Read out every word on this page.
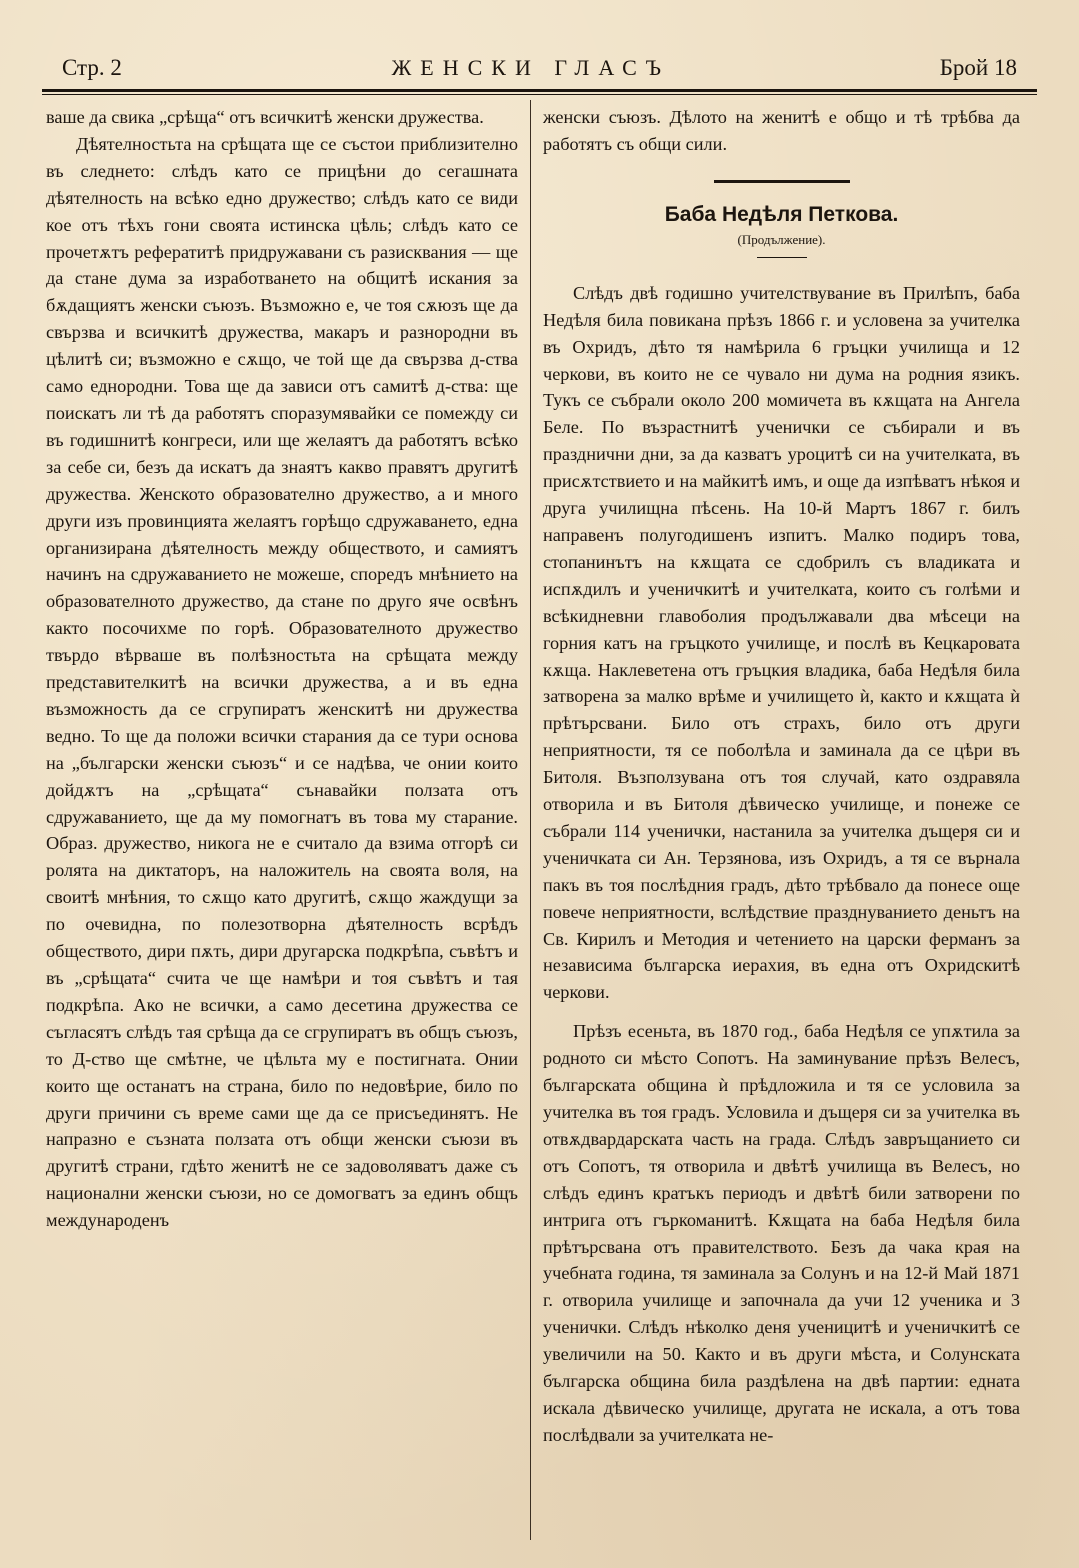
Стр. 2	ЖЕНСКИ ГЛАСЪ	Брой 18

ваше да свика „срѣща“ отъ всичкитѣ женски дружества.

Дѣятелностьта на срѣщата ще се състои приблизително въ следнето: слѣдъ като се прицѣни до сегашната дѣятелность на всѣко едно дружество; слѣдъ като се види кое отъ тѣхъ гони своята истинска цѣль; слѣдъ като се прочетѫтъ рефератитѣ придружавани съ разисквания — ще да стане дума за изработването на общитѣ искания за бѫдащиятъ женски съюзъ. Възможно е, че тоя сѫюзъ ще да свързва и всичкитѣ дружества, макаръ и разнородни въ цѣлитѣ си; възможно е сѫщо, че той ще да свързва д-ства само еднородни. Това ще да зависи отъ самитѣ д-ства: ще поискатъ ли тѣ да работятъ споразумявайки се помежду си въ годишнитѣ конгреси, или ще желаятъ да работятъ всѣко за себе си, безъ да искатъ да знаятъ какво правятъ другитѣ дружества. Женското образователно дружество, а и много други изъ провинцията желаятъ горѣщо сдружаването, една организирана дѣятелность между обществото, и самиятъ начинъ на сдружаванието не можеше, споредъ мнѣнието на образователното дружество, да стане по друго яче освѣнъ както посочихме по горѣ. Образователното дружество твърдо вѣрваше въ полѣзностьта на срѣщата между представителкитѣ на всички дружества, а и въ една възможность да се сгрупиратъ женскитѣ ни дружества ведно. То ще да положи всички старания да се тури основа на „български женски съюзъ“ и се надѣва, че онии които дойдѫтъ на „срѣщата“ сънавайки ползата отъ сдружаванието, ще да му помогнатъ въ това му старание. Образ. дружество, никога не е считало да взима отгорѣ си ролята на диктаторъ, на наложитель на своята воля, на своитѣ мнѣния, то сѫщо като другитѣ, сѫщо жаждущи за по очевидна, по полезотворна дѣятелность всрѣдъ обществото, дири пѫть, дири другарска подкрѣпа, съвѣтъ и въ „срѣщата“ счита че ще намѣри и тоя съвѣтъ и тая подкрѣпа. Ако не всички, а само десетина дружества се съгласятъ слѣдъ тая срѣща да се сгрупиратъ въ общъ съюзъ, то Д-ство ще смѣтне, че цѣльта му е постигната. Онии които ще останатъ на страна, било по недовѣрие, било по други причини съ време сами ще да се присъединятъ. Не напразно е съзната ползата отъ общи женски съюзи въ другитѣ страни, гдѣто женитѣ не се задоволяватъ даже съ национални женски съюзи, но се домогватъ за единъ общъ международенъ

женски съюзъ. Дѣлото на женитѣ е общо и тѣ трѣбва да работятъ съ общи сили.

Баба Недѣля Петкова.
(Продължение).

Слѣдъ двѣ годишно учителствувание въ Прилѣпъ, баба Недѣля била повикана прѣзъ 1866 г. и условена за учителка въ Охридъ, дѣто тя намѣрила 6 гръцки училища и 12 черкови, въ които не се чувало ни дума на родния язикъ. Тукъ се събрали около 200 момичета въ кѫщата на Ангела Беле. По възрастнитѣ ученички се събирали и въ празднични дни, за да казватъ уроцитѣ си на учителката, въ присѫтствието и на майкитѣ имъ, и още да изпѣватъ нѣкоя и друга училищна пѣсень. На 10-й Мартъ 1867 г. билъ направенъ полугодишенъ изпитъ. Малко подиръ това, стопанинътъ на кѫщата се сдобрилъ съ владиката и испѫдилъ и ученичкитѣ и учителката, които съ голѣми и всѣкидневни главоболия продължавали два мѣсеци на горния катъ на гръцкото училище, и послѣ въ Кецкаровата кѫща. Наклеветена отъ гръцкия владика, баба Недѣля била затворена за малко врѣме и училището ѝ, както и кѫщата ѝ прѣтърсвани. Било отъ страхъ, било отъ други неприятности, тя се поболѣла и заминала да се цѣри въ Битоля. Възползувана отъ тоя случай, като оздравяла отворила и въ Битоля дѣвическо училище, и понеже се събрали 114 ученички, настанила за учителка дъщеря си и ученичката си Ан. Терзянова, изъ Охридъ, а тя се върнала пакъ въ тоя послѣдния градъ, дѣто трѣбвало да понесе още повече неприятности, вслѣдствие празднуванието деньтъ на Св. Кирилъ и Методия и четението на царски ферманъ за независима българска иерахия, въ една отъ Охридскитѣ черкови.

Прѣзъ есеньта, въ 1870 год., баба Недѣля се упѫтила за родното си мѣсто Сопотъ. На заминувание прѣзъ Велесъ, българската община ѝ прѣдложила и тя се условила за учителка въ тоя градъ. Условила и дъщеря си за учителка въ отвѫдвардарската часть на града. Слѣдъ завръщанието си отъ Сопотъ, тя отворила и двѣтѣ училища въ Велесъ, но слѣдъ единъ кратъкъ периодъ и двѣтѣ били затворени по интрига отъ гъркоманитѣ. Кѫщата на баба Недѣля била прѣтърсвана отъ правителството. Безъ да чака края на учебната година, тя заминала за Солунъ и на 12-й Май 1871 г. отворила училище и започнала да учи 12 ученика и 3 ученички. Слѣдъ нѣколко деня ученицитѣ и ученичкитѣ се увеличили на 50. Както и въ други мѣста, и Солунската българска община била раздѣлена на двѣ партии: едната искала дѣвическо училище, другата не искала, а отъ това послѣдвали за учителката не-
